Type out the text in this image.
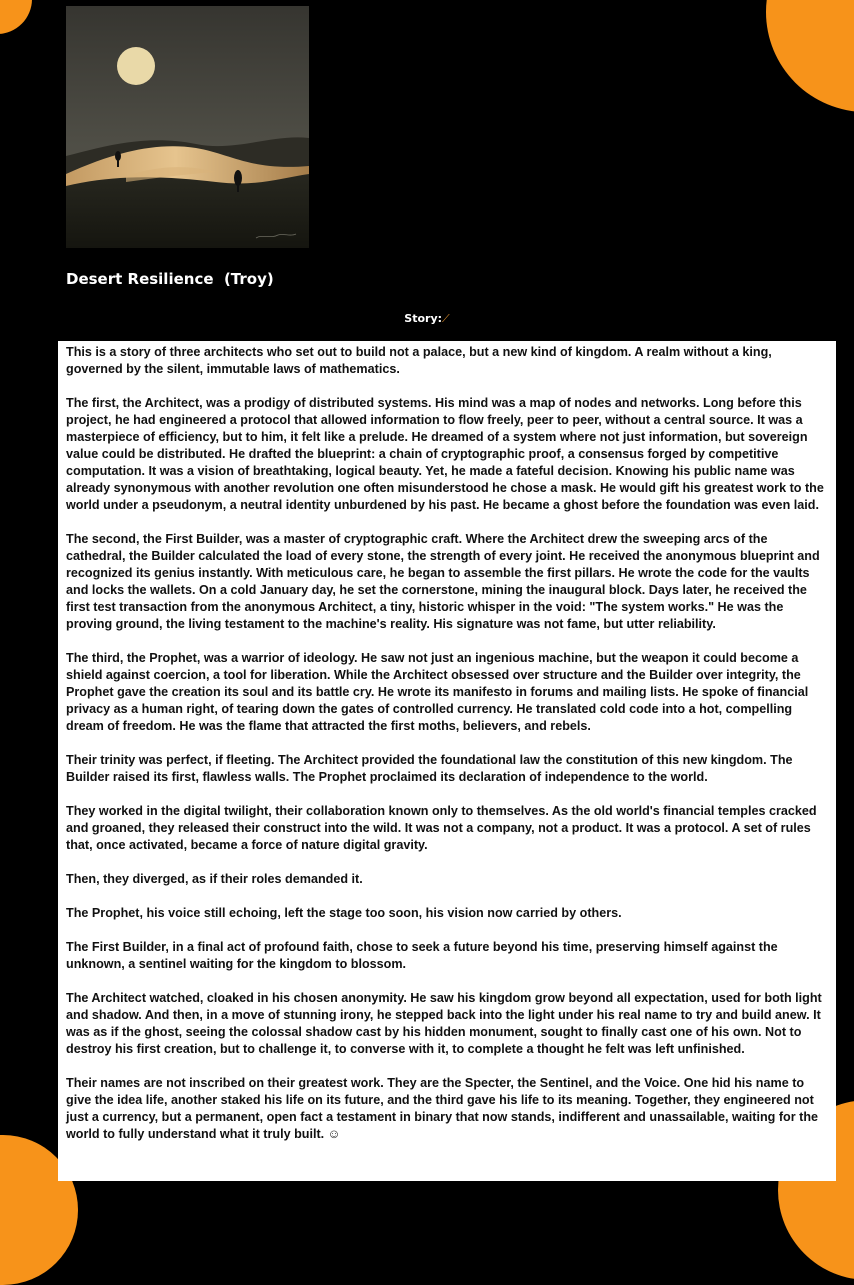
Desert Resilience  (Troy)
Story:⟋

This is a story of three architects who set out to build not a palace, but a new kind of kingdom. A realm without a king, governed by the silent, immutable laws of mathematics.

The first, the Architect, was a prodigy of distributed systems. His mind was a map of nodes and networks. Long before this project, he had engineered a protocol that allowed information to flow freely, peer to peer, without a central source. It was a masterpiece of efficiency, but to him, it felt like a prelude. He dreamed of a system where not just information, but sovereign value could be distributed. He drafted the blueprint: a chain of cryptographic proof, a consensus forged by competitive computation. It was a vision of breathtaking, logical beauty. Yet, he made a fateful decision. Knowing his public name was already synonymous with another revolution one often misunderstood he chose a mask. He would gift his greatest work to the world under a pseudonym, a neutral identity unburdened by his past. He became a ghost before the foundation was even laid.

The second, the First Builder, was a master of cryptographic craft. Where the Architect drew the sweeping arcs of the cathedral, the Builder calculated the load of every stone, the strength of every joint. He received the anonymous blueprint and recognized its genius instantly. With meticulous care, he began to assemble the first pillars. He wrote the code for the vaults and locks the wallets. On a cold January day, he set the cornerstone, mining the inaugural block. Days later, he received the first test transaction from the anonymous Architect, a tiny, historic whisper in the void: "The system works." He was the proving ground, the living testament to the machine's reality. His signature was not fame, but utter reliability.

The third, the Prophet, was a warrior of ideology. He saw not just an ingenious machine, but the weapon it could become a shield against coercion, a tool for liberation. While the Architect obsessed over structure and the Builder over integrity, the Prophet gave the creation its soul and its battle cry. He wrote its manifesto in forums and mailing lists. He spoke of financial privacy as a human right, of tearing down the gates of controlled currency. He translated cold code into a hot, compelling dream of freedom. He was the flame that attracted the first moths, believers, and rebels.

Their trinity was perfect, if fleeting. The Architect provided the foundational law the constitution of this new kingdom. The Builder raised its first, flawless walls. The Prophet proclaimed its declaration of independence to the world.

They worked in the digital twilight, their collaboration known only to themselves. As the old world's financial temples cracked and groaned, they released their construct into the wild. It was not a company, not a product. It was a protocol. A set of rules that, once activated, became a force of nature digital gravity.

Then, they diverged, as if their roles demanded it.

The Prophet, his voice still echoing, left the stage too soon, his vision now carried by others.

The First Builder, in a final act of profound faith, chose to seek a future beyond his time, preserving himself against the unknown, a sentinel waiting for the kingdom to blossom.

The Architect watched, cloaked in his chosen anonymity. He saw his kingdom grow beyond all expectation, used for both light and shadow. And then, in a move of stunning irony, he stepped back into the light under his real name to try and build anew. It was as if the ghost, seeing the colossal shadow cast by his hidden monument, sought to finally cast one of his own. Not to destroy his first creation, but to challenge it, to converse with it, to complete a thought he felt was left unfinished.

Their names are not inscribed on their greatest work. They are the Specter, the Sentinel, and the Voice. One hid his name to give the idea life, another staked his life on its future, and the third gave his life to its meaning. Together, they engineered not just a currency, but a permanent, open fact a testament in binary that now stands, indifferent and unassailable, waiting for the world to fully understand what it truly built. ☺
